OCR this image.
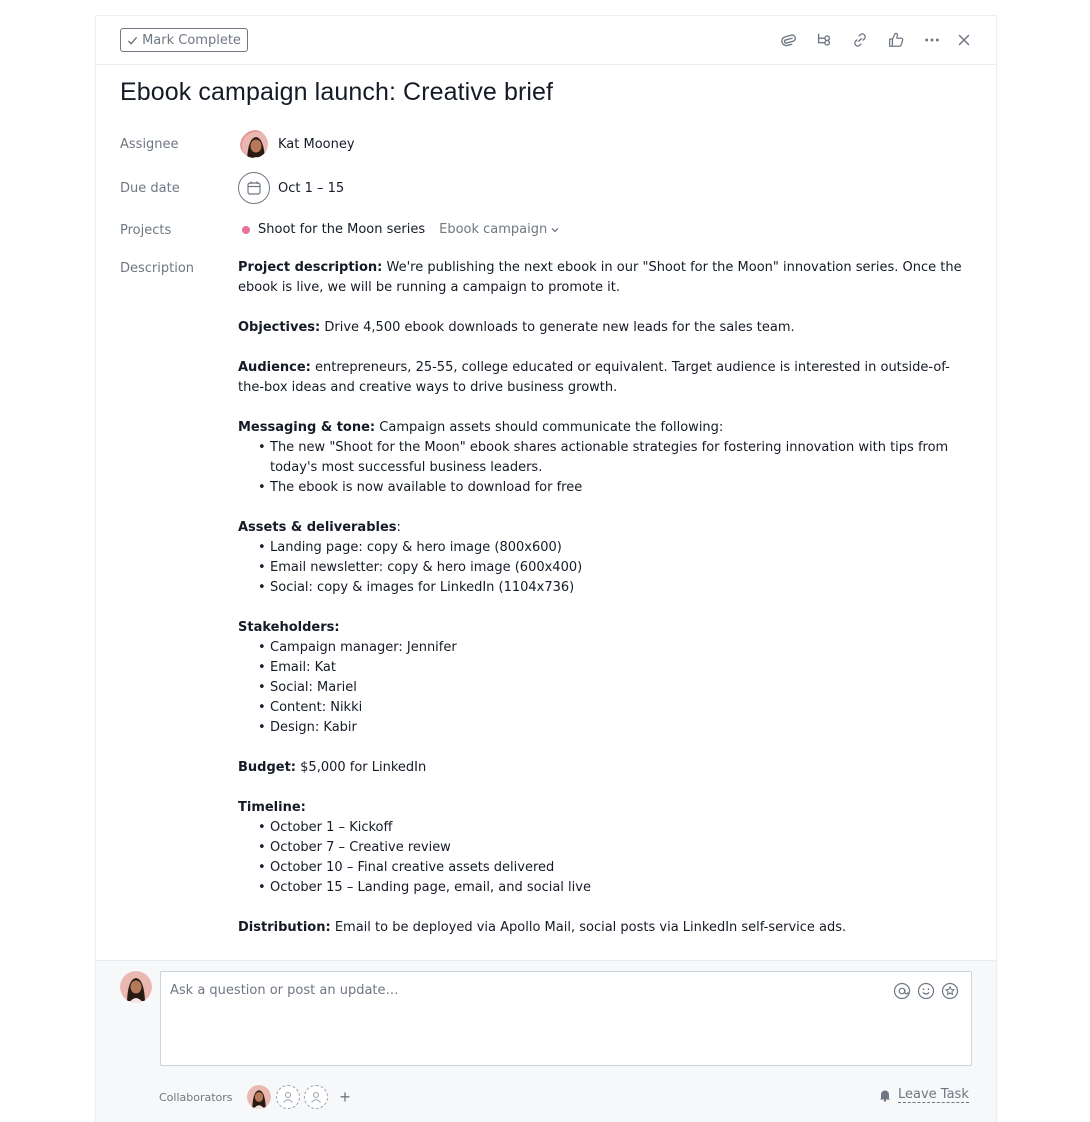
Mark Complete
Ebook campaign launch: Creative brief
Assignee	Kat Mooney
Due date	Oct 1 – 15
Projects	Shoot for the Moon series Ebook campaign
Description	Project description: We're publishing the next ebook in our "Shoot for the Moon" innovation series. Once the ebook is live, we will be running a campaign to promote it.

Objectives: Drive 4,500 ebook downloads to generate new leads for the sales team.

Audience: entrepreneurs, 25-55, college educated or equivalent. Target audience is interested in outside-of-the-box ideas and creative ways to drive business growth.

Messaging & tone: Campaign assets should communicate the following:

• The new "Shoot for the Moon" ebook shares actionable strategies for fostering innovation with tips from today's most successful business leaders.
• The ebook is now available to download for free

Assets & deliverables:

• Landing page: copy & hero image (800x600)
• Email newsletter: copy & hero image (600x400)
• Social: copy & images for LinkedIn (1104x736)

Stakeholders:

• Campaign manager: Jennifer
• Email: Kat
• Social: Mariel
• Content: Nikki
• Design: Kabir

Budget: $5,000 for LinkedIn

Timeline:

• October 1 – Kickoff
• October 7 – Creative review
• October 10 – Final creative assets delivered
• October 15 – Landing page, email, and social live

Distribution: Email to be deployed via Apollo Mail, social posts via LinkedIn self-service ads.

Ask a question or post an update…
Collaborators	+	Leave Task
